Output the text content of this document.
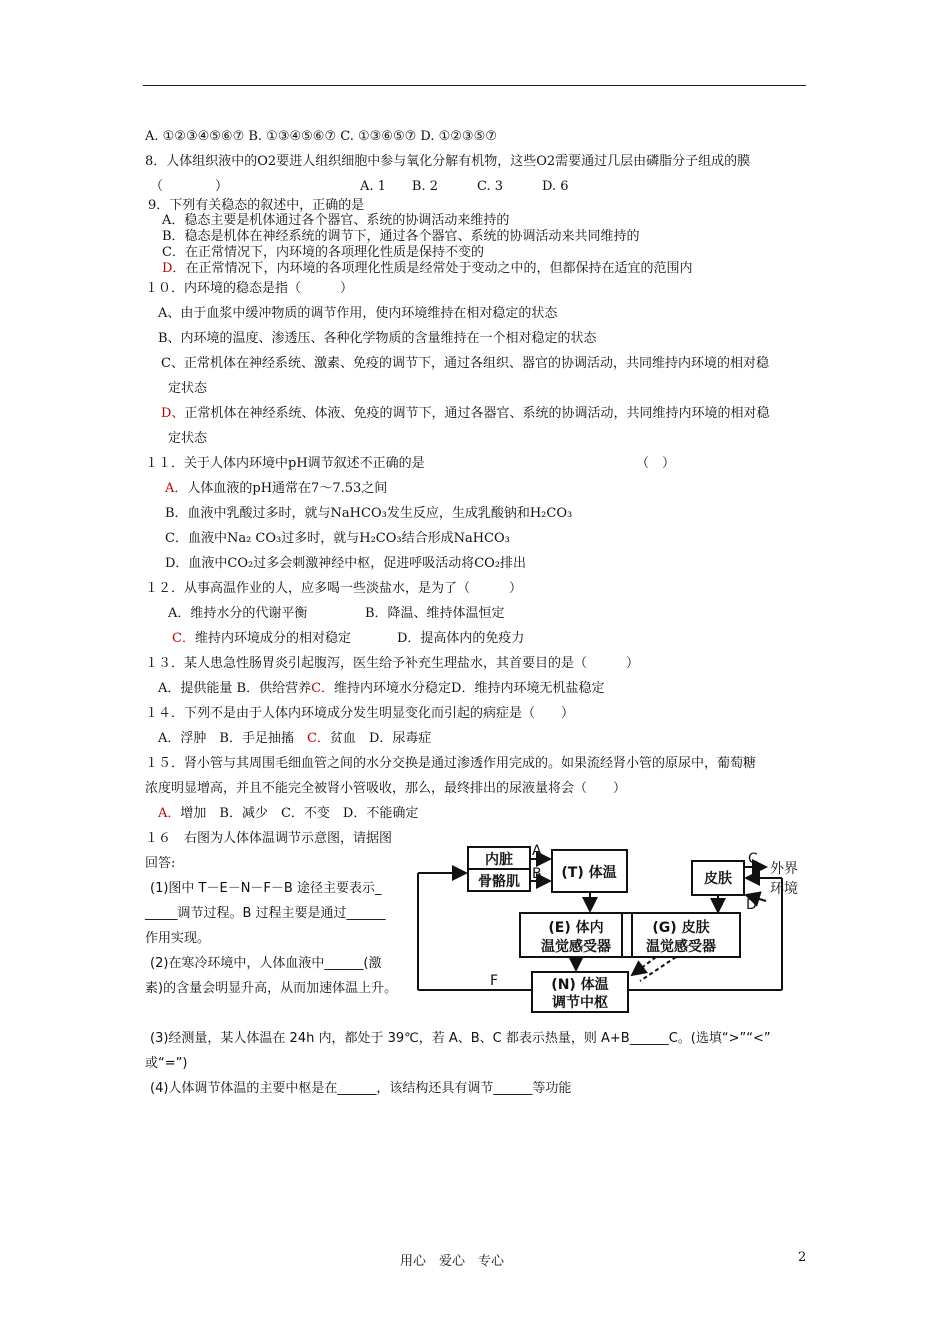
A. ①②③④⑤⑥⑦ B. ①③④⑤⑥⑦ C. ①③⑥⑤⑦ D. ①②③⑤⑦
8．人体组织液中的O2要进人组织细胞中参与氧化分解有机物，这些O2需要通过几层由磷脂分子组成的膜
（　　　　）	A. 1　　B. 2　　　C. 3　　　D. 6
9．下列有关稳态的叙述中，正确的是
A．稳态主要是机体通过各个器官、系统的协调活动来维持的
B．稳态是机体在神经系统的调节下，通过各个器官、系统的协调活动来共同维持的
C．在正常情况下，内环境的各项理化性质是保持不变的
D．在正常情况下，内环境的各项理化性质是经常处于变动之中的，但都保持在适宜的范围内
１０．内环境的稳态是指（　　　）
A、由于血浆中缓冲物质的调节作用，使内环境维持在相对稳定的状态
B、内环境的温度、渗透压、各种化学物质的含量维持在一个相对稳定的状态
C、正常机体在神经系统、激素、免疫的调节下，通过各组织、器官的协调活动，共同维持内环境的相对稳
定状态
D、正常机体在神经系统、体液、免疫的调节下，通过各器官、系统的协调活动，共同维持内环境的相对稳
定状态
１１．关于人体内环境中pH调节叙述不正确的是	（　）
A．人体血液的pH通常在7～7.53之间
B．血液中乳酸过多时，就与NaHCO₃发生反应，生成乳酸钠和H₂CO₃
C．血液中Na₂ CO₃过多时，就与H₂CO₃结合形成NaHCO₃
D．血液中CO₂过多会刺激神经中枢，促进呼吸活动将CO₂排出
１２．从事高温作业的人，应多喝一些淡盐水，是为了（　　　）
A．维持水分的代谢平衡	B．降温、维持体温恒定
C．维持内环境成分的相对稳定	D．提高体内的免疫力
１３．某人患急性肠胃炎引起腹泻，医生给予补充生理盐水，其首要目的是（　　　）
A．提供能量 B．供给营养C．维持内环境水分稳定D．维持内环境无机盐稳定
１４．下列不是由于人体内环境成分发生明显变化而引起的病症是（　　）
A．浮肿　B．手足抽搐　 C．贫血　 D．尿毒症
１５．肾小管与其周围毛细血管之间的水分交换是通过渗透作用完成的。如果流经肾小管的原尿中，葡萄糖
浓度明显增高，并且不能完全被肾小管吸收，那么，最终排出的尿液量将会（　　）
A．增加　B．减少　C．不变　D．不能确定
１６　右图为人体体温调节示意图，请据图
回答:
(1)图中 T－E－N－F－B 途径主要表示_
_____调节过程。B 过程主要是通过______
作用实现。
(2)在寒冷环境中，人体血液中______(激
素)的含量会明显升高，从而加速体温上升。
(3)经测量，某人体温在 24h 内，都处于 39℃，若 A、B、C 都表示热量，则 A+B______C。(选填“>”“<”
或“=”)
(4)人体调节体温的主要中枢是在______，该结构还具有调节______等功能
内脏
骨骼肌
(T) 体温
(E) 体内
温觉感受器
(G) 皮肤
温觉感受器
(N) 体温
调节中枢
皮肤
A
B
C
D
外界
环境
F
用心　爱心　专心	2
